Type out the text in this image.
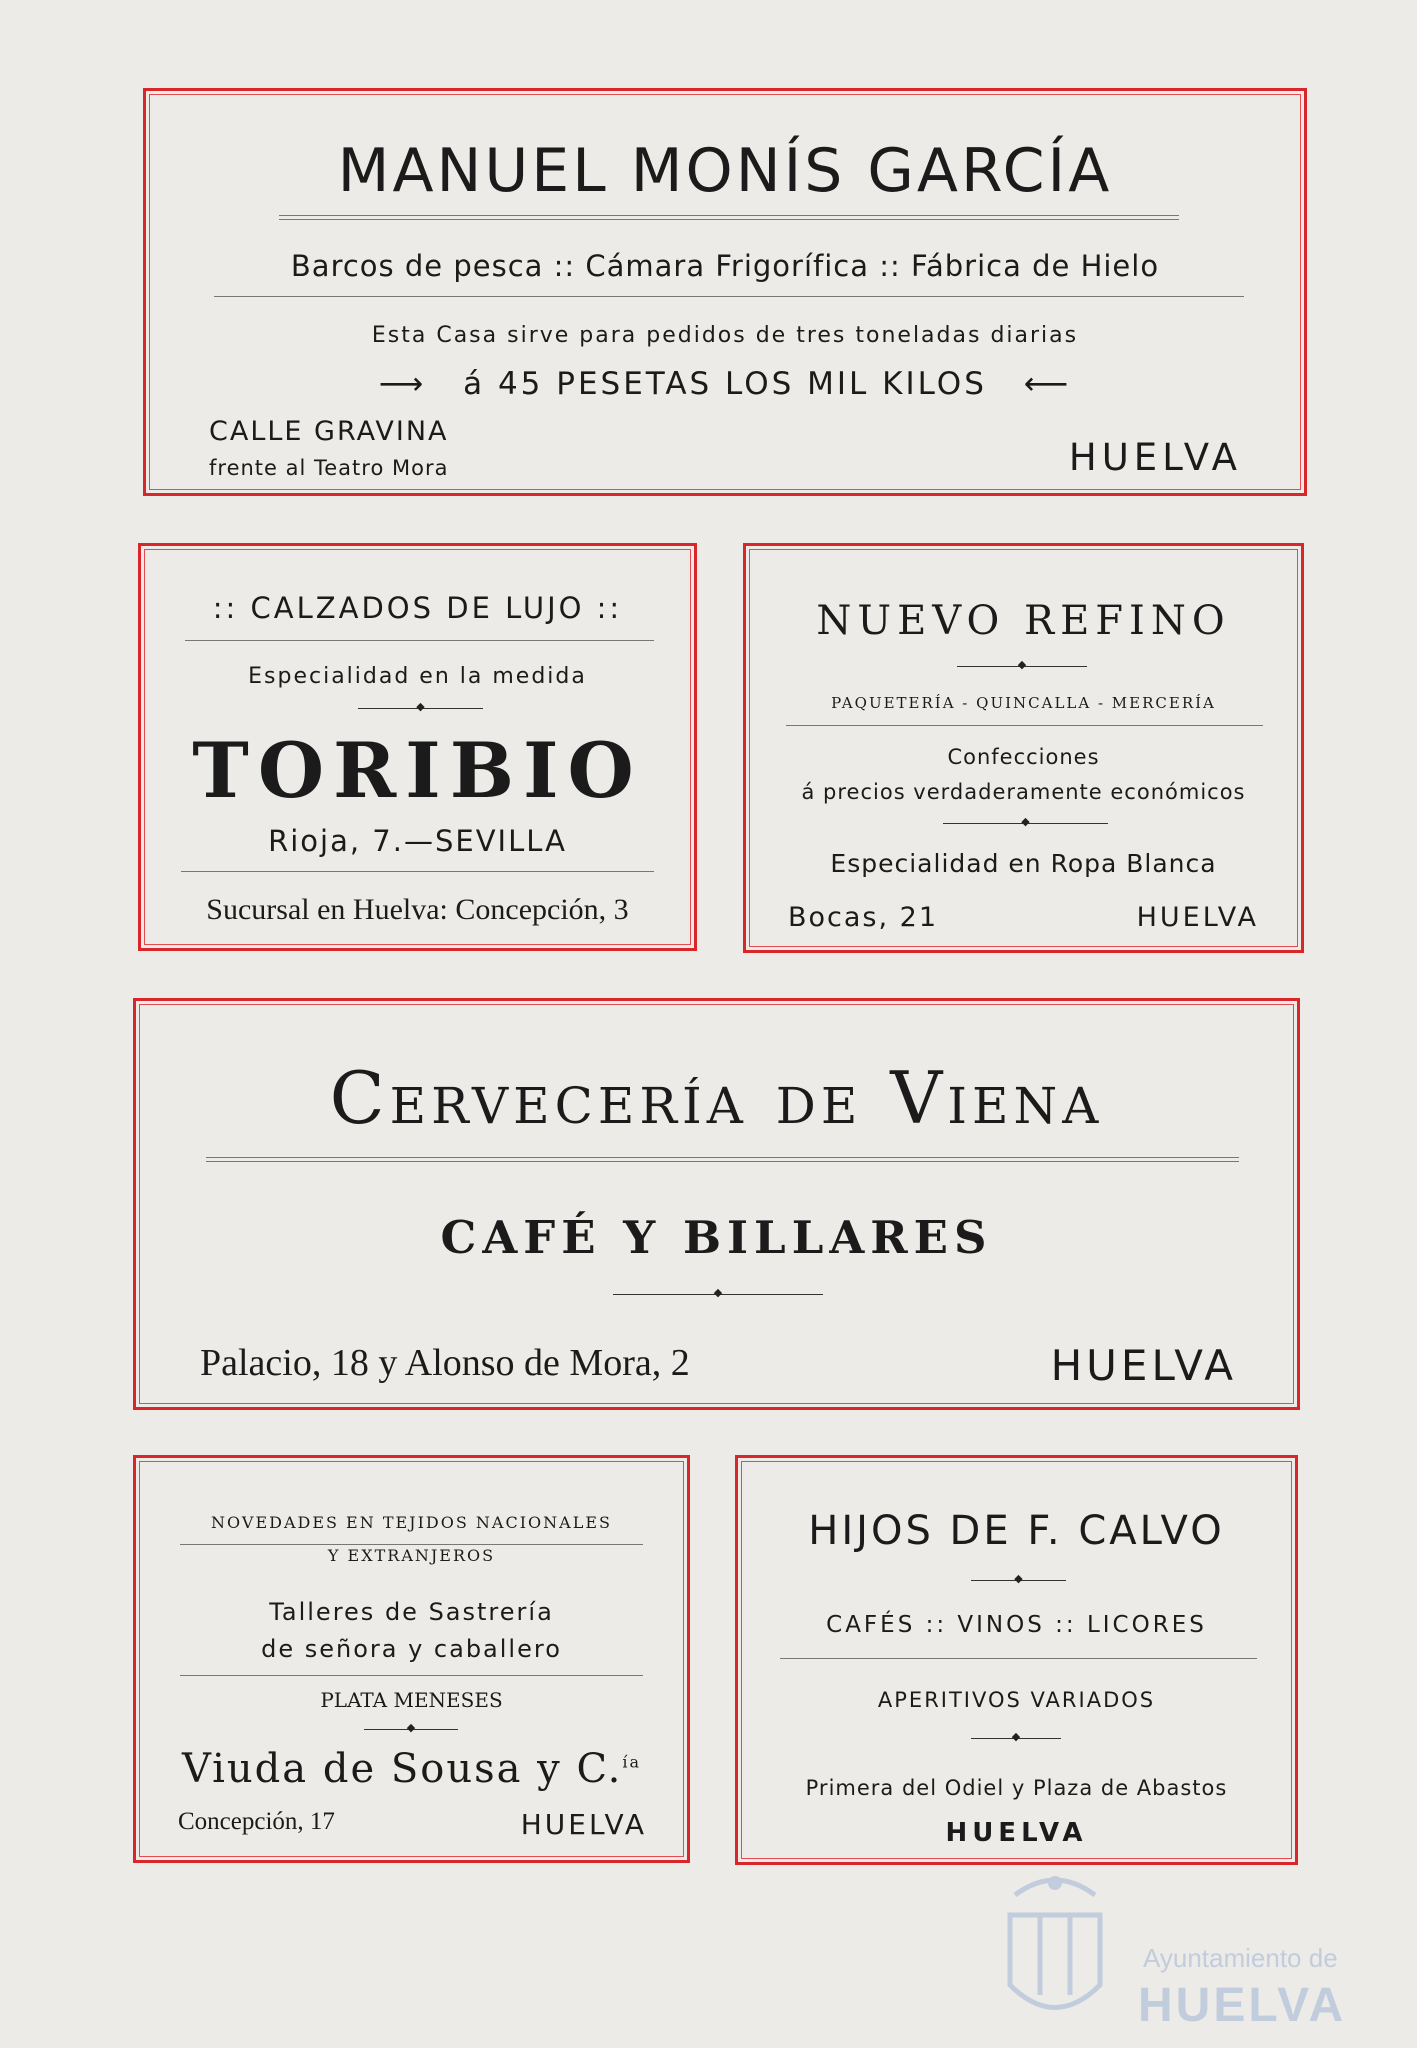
MANUEL MONÍS GARCÍA
Barcos de pesca :: Cámara Frigorífica :: Fábrica de Hielo
Esta Casa sirve para pedidos de tres toneladas diarias
⟶ á 45 PESETAS LOS MIL KILOS ⟵
CALLE GRAVINA
frente al Teatro Mora	HUELVA
:: CALZADOS DE LUJO ::
Especialidad en la medida
◆
TORIBIO
Rioja, 7.—SEVILLA
Sucursal en Huelva: Concepción, 3
NUEVO REFINO
◆
PAQUETERÍA - QUINCALLA - MERCERÍA
Confecciones
á precios verdaderamente económicos
◆
Especialidad en Ropa Blanca
Bocas, 21	HUELVA
Cervecería de Viena
CAFÉ Y BILLARES
◆
Palacio, 18 y Alonso de Mora, 2	HUELVA
NOVEDADES EN TEJIDOS NACIONALES
Y EXTRANJEROS
Talleres de Sastrería
de señora y caballero
PLATA MENESES
◆
Viuda de Sousa y C.$^{ía}$
Concepción, 17	HUELVA
HIJOS DE F. CALVO
◆
CAFÉS :: VINOS :: LICORES
APERITIVOS VARIADOS
◆
Primera del Odiel y Plaza de Abastos
HUELVA
Ayuntamiento de
HUELVA
